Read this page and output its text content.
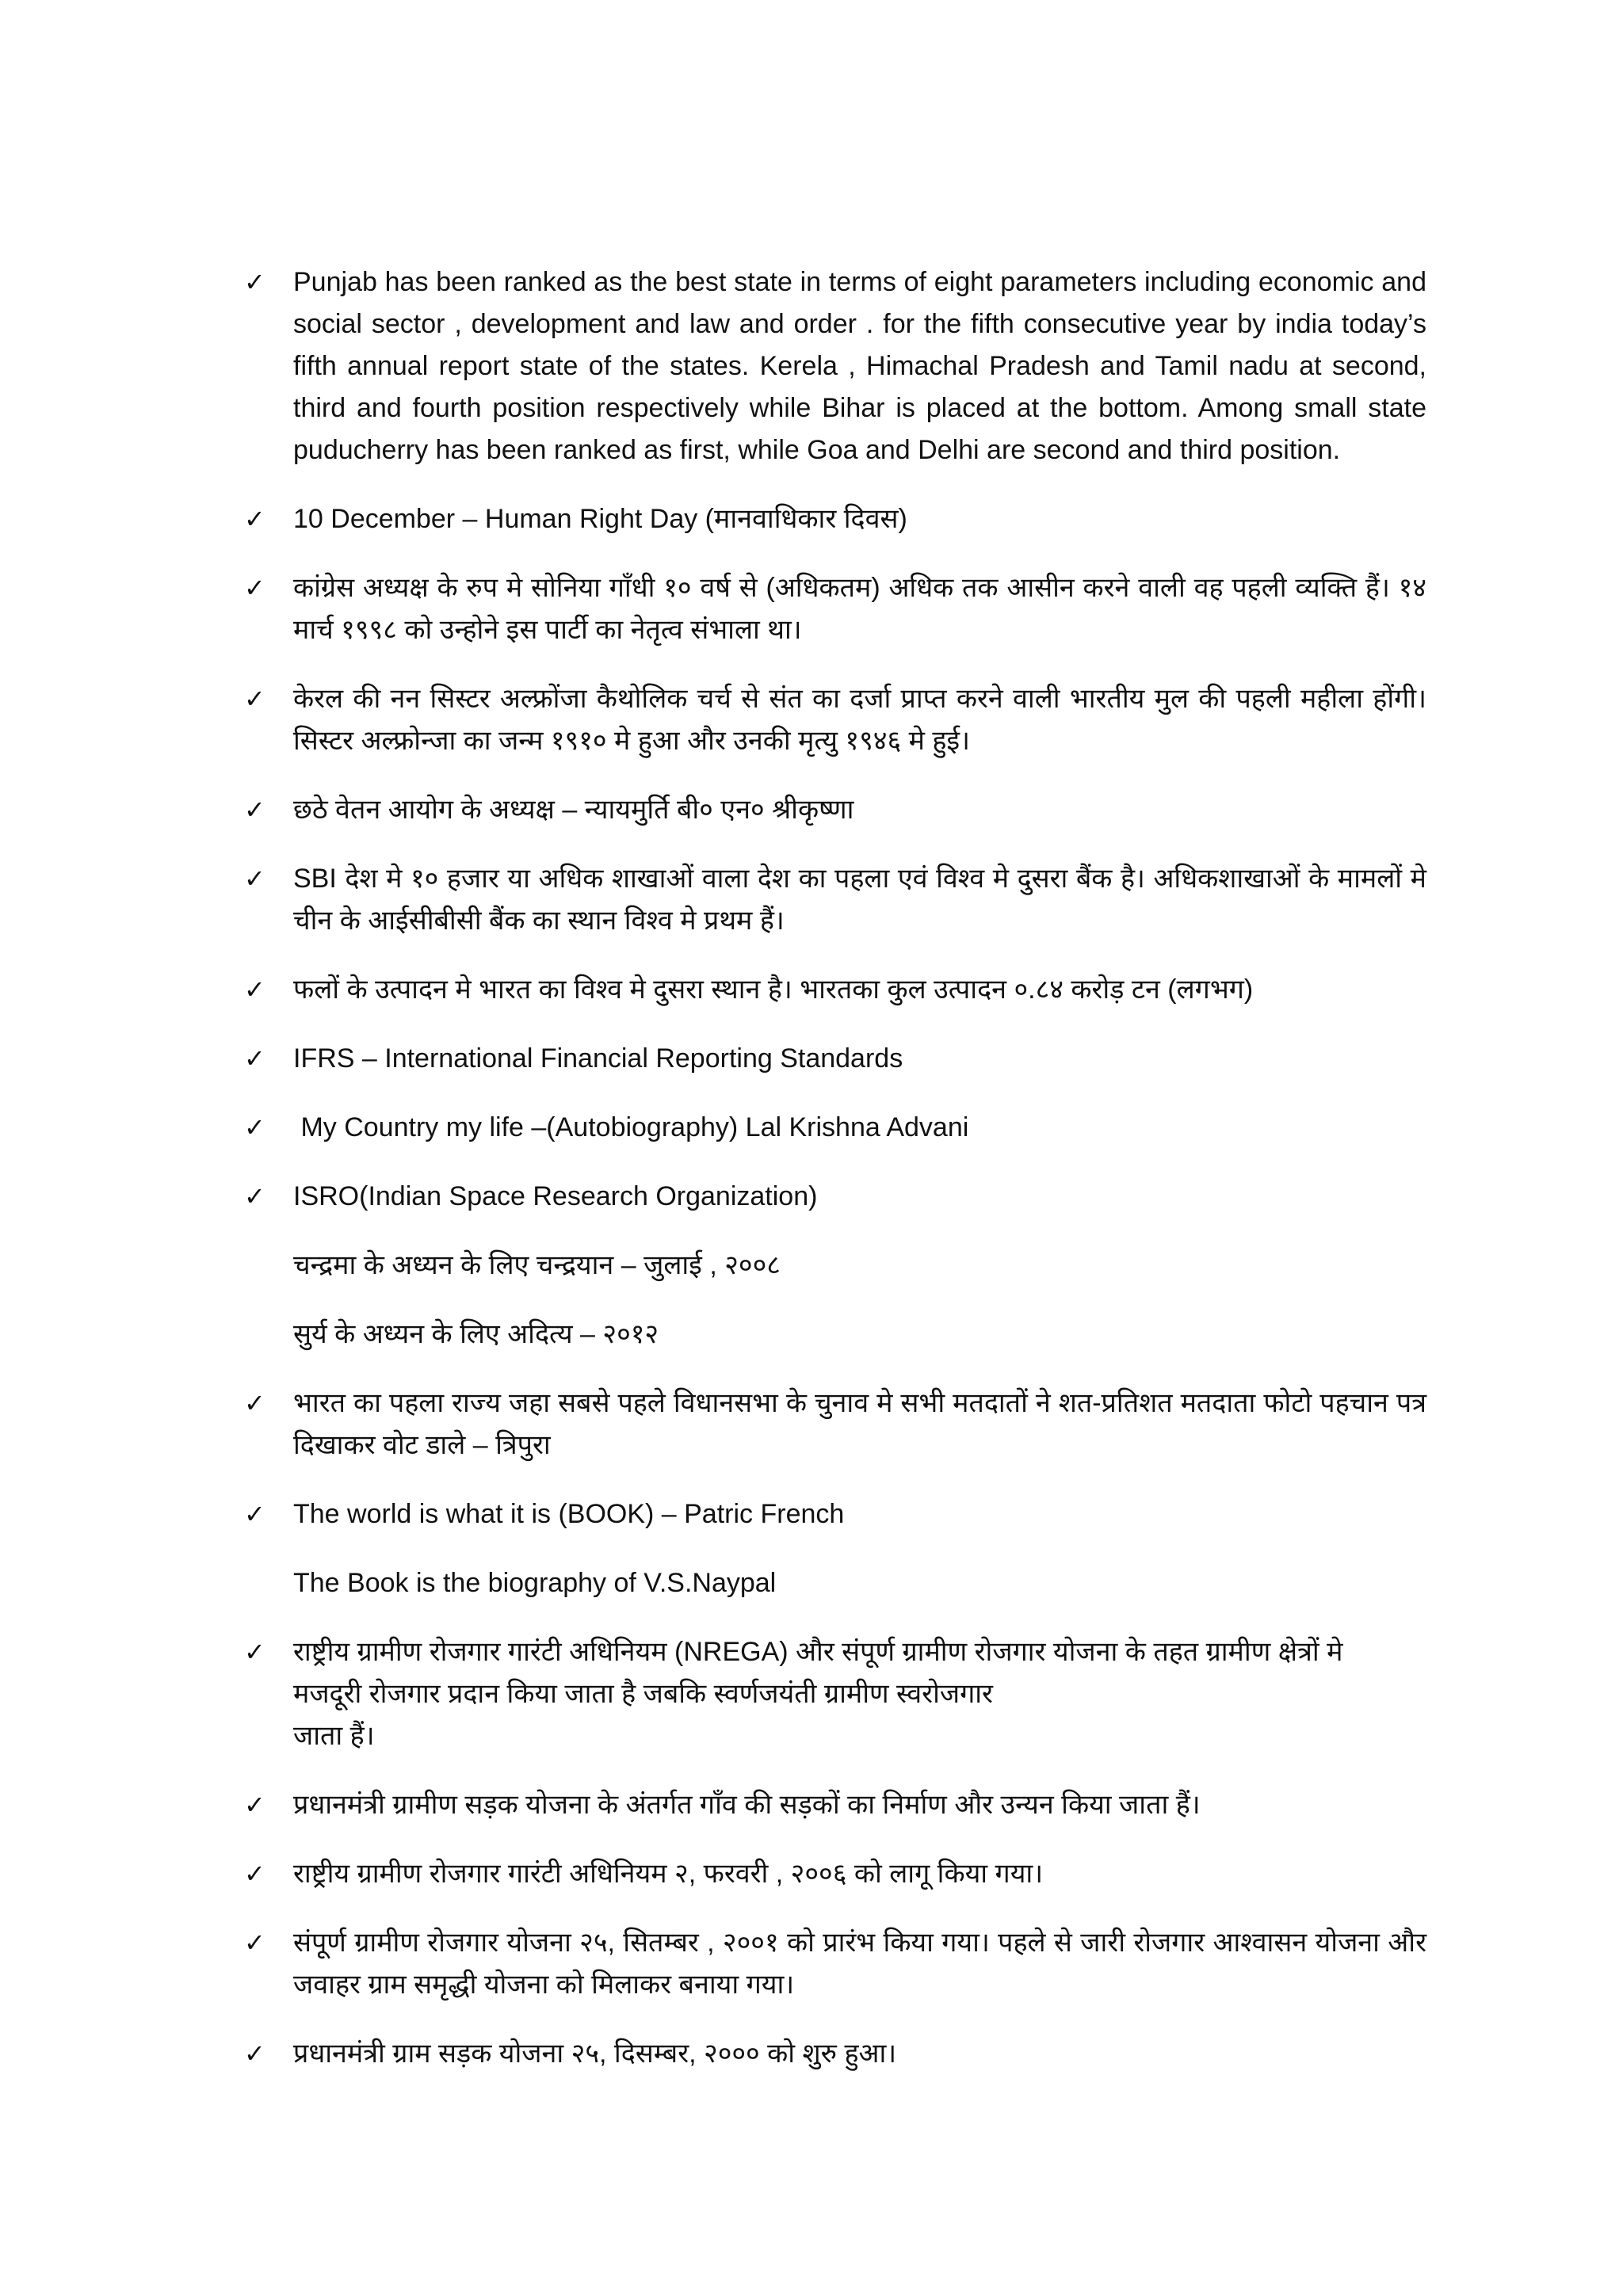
✓ Punjab has been ranked as the best state in terms of eight parameters including economic and social sector , development and law and order . for the fifth consecutive year by india today’s fifth annual report state of the states. Kerela , Himachal Pradesh and Tamil nadu at second, third and fourth position respectively while Bihar is placed at the bottom. Among small state puducherry has been ranked as first, while Goa and Delhi are second and third position.
✓ 10 December – Human Right Day (मानवाधिकार दिवस)
✓ कांग्रेस अध्यक्ष के रुप मे सोनिया गाँधी १० वर्ष से (अधिकतम) अधिक तक आसीन करने वाली वह पहली व्यक्ति हैं। १४ मार्च १९९८ को उन्होने इस पार्टी का नेतृत्व संभाला था।
✓ केरल की नन सिस्टर अल्फ्रोंजा कैथोलिक चर्च से संत का दर्जा प्राप्त करने वाली भारतीय मुल की पहली महीला होंगी। सिस्टर अल्फ्रोन्जा का जन्म १९१० मे हुआ और उनकी मृत्यु १९४६ मे हुई।
✓ छठे वेतन आयोग के अध्यक्ष – न्यायमुर्ति बी० एन० श्रीकृष्णा
✓ SBI देश मे १० हजार या अधिक शाखाओं वाला देश का पहला एवं विश्व मे दुसरा बैंक है। अधिकशाखाओं के मामलों मे चीन के आईसीबीसी बैंक का स्थान विश्व मे प्रथम हैं।
✓ फलों के उत्पादन मे भारत का विश्व मे दुसरा स्थान है। भारतका कुल उत्पादन ०.८४ करोड़ टन (लगभग)
✓ IFRS – International Financial Reporting Standards
✓ My Country my life –(Autobiography) Lal Krishna Advani
✓ ISRO(Indian Space Research Organization)
चन्द्रमा के अध्यन के लिए चन्द्रयान – जुलाई , २००८
सुर्य के अध्यन के लिए अदित्य – २०१२
✓ भारत का पहला राज्य जहा सबसे पहले विधानसभा के चुनाव मे सभी मतदातों ने शत-प्रतिशत मतदाता फोटो पहचान पत्र दिखाकर वोट डाले – त्रिपुरा
✓ The world is what it is (BOOK) – Patric French
The Book is the biography of V.S.Naypal
✓ राष्ट्रीय ग्रामीण रोजगार गारंटी अधिनियम (NREGA) और संपूर्ण ग्रामीण रोजगार योजना के तहत ग्रामीण क्षेत्रों मे
मजदूरी रोजगार प्रदान किया जाता है जबकि स्वर्णजयंती ग्रामीण स्वरोजगार
जाता हैं।
✓ प्रधानमंत्री ग्रामीण सड़क योजना के अंतर्गत गाँव की सड़कों का निर्माण और उन्यन किया जाता हैं।
✓ राष्ट्रीय ग्रामीण रोजगार गारंटी अधिनियम २, फरवरी , २००६ को लागू किया गया।
✓ संपूर्ण ग्रामीण रोजगार योजना २५, सितम्बर , २००१ को प्रारंभ किया गया। पहले से जारी रोजगार आश्वासन योजना और जवाहर ग्राम समृद्धी योजना को मिलाकर बनाया गया।
✓ प्रधानमंत्री ग्राम सड़क योजना २५, दिसम्बर, २००० को शुरु हुआ।
